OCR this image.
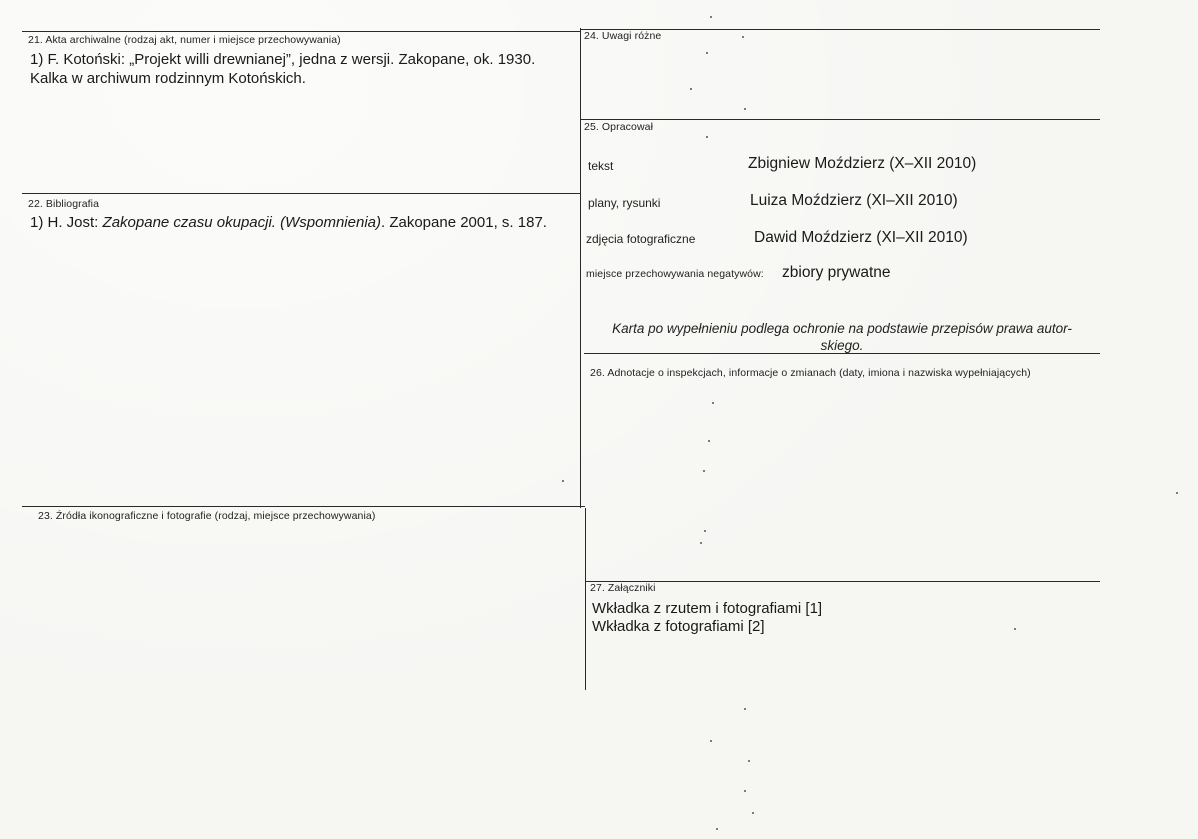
21. Akta archiwalne (rodzaj akt, numer i miejsce przechowywania)
1) F. Kotoński: „Projekt willi drewnianej”, jedna z wersji. Zakopane, ok. 1930.
Kalka w archiwum rodzinnym Kotońskich.
22. Bibliografia
1) H. Jost: Zakopane czasu okupacji. (Wspomnienia). Zakopane 2001, s. 187.
23. Źródła ikonograficzne i fotografie (rodzaj, miejsce przechowywania)
24. Uwagi różne
25. Opracował
tekst	Zbigniew Moździerz (X–XII 2010)
plany, rysunki	Luiza Moździerz (XI–XII 2010)
zdjęcia fotograficzne	Dawid Moździerz (XI–XII 2010)
miejsce przechowywania negatywów: zbiory prywatne
Karta po wypełnieniu podlega ochronie na podstawie przepisów prawa autor-
skiego.
26. Adnotacje o inspekcjach, informacje o zmianach (daty, imiona i nazwiska wypełniających)
27. Załączniki
Wkładka z rzutem i fotografiami [1]
Wkładka z fotografiami [2]
